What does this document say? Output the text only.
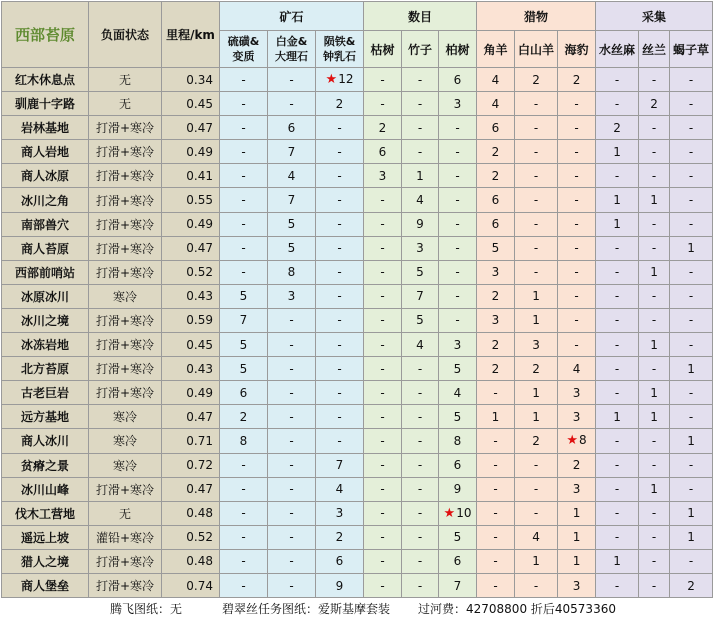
西部苔原	负面状态	里程/km	矿石			数目			猎物			采集		
			硫磺&变质	白金&大理石	陨铁&钟乳石	枯树	竹子	柏树	角羊	白山羊	海豹	水丝麻	丝兰	蝎子草
红木休息点	无	0.34	-	-	★12	-	-	6	4	2	2	-	-	-
驯鹿十字路	无	0.45	-	-	2	-	-	3	4	-	-	-	2	-
岩林基地	打滑+寒冷	0.47	-	6	-	2	-	-	6	-	-	2	-	-
商人岩地	打滑+寒冷	0.49	-	7	-	6	-	-	2	-	-	1	-	-
商人冰原	打滑+寒冷	0.41	-	4	-	3	1	-	2	-	-	-	-	-
冰川之角	打滑+寒冷	0.55	-	7	-	-	4	-	6	-	-	1	1	-
南部兽穴	打滑+寒冷	0.49	-	5	-	-	9	-	6	-	-	1	-	-
商人苔原	打滑+寒冷	0.47	-	5	-	-	3	-	5	-	-	-	-	1
西部前哨站	打滑+寒冷	0.52	-	8	-	-	5	-	3	-	-	-	1	-
冰原冰川	寒冷	0.43	5	3	-	-	7	-	2	1	-	-	-	-
冰川之境	打滑+寒冷	0.59	7	-	-	-	5	-	3	1	-	-	-	-
冰冻岩地	打滑+寒冷	0.45	5	-	-	-	4	3	2	3	-	-	1	-
北方苔原	打滑+寒冷	0.43	5	-	-	-	-	5	2	2	4	-	-	1
古老巨岩	打滑+寒冷	0.49	6	-	-	-	-	4	-	1	3	-	1	-
远方基地	寒冷	0.47	2	-	-	-	-	5	1	1	3	1	1	-
商人冰川	寒冷	0.71	8	-	-	-	-	8	-	2	★8	-	-	1
贫瘠之景	寒冷	0.72	-	-	7	-	-	6	-	-	2	-	-	-
冰川山峰	打滑+寒冷	0.47	-	-	4	-	-	9	-	-	3	-	1	-
伐木工营地	无	0.48	-	-	3	-	-	★10	-	-	1	-	-	1
遥远上坡	灌铅+寒冷	0.52	-	-	2	-	-	5	-	4	1	-	-	1
猎人之境	打滑+寒冷	0.48	-	-	6	-	-	6	-	1	1	1	-	-
商人堡垒	打滑+寒冷	0.74	-	-	9	-	-	7	-	-	3	-	-	2
腾飞图纸：无	碧翠丝任务图纸：爱斯基摩套装 过河费：42708800 折后40573360
